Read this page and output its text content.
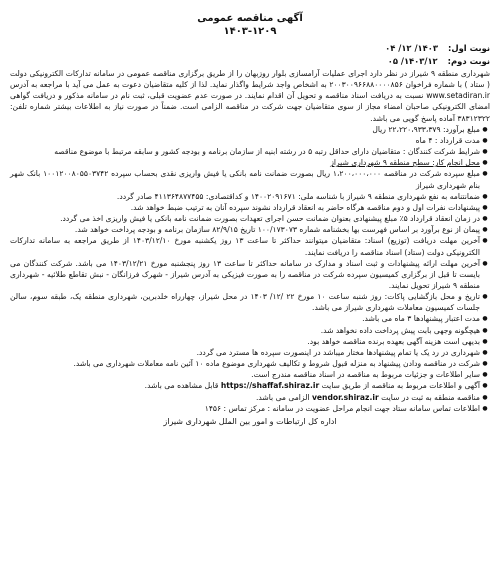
آگهی مناقصه عمومی
۱۴۰۳-۱۲۰۹
نوبت اول:
۱۴۰۳/ ۱۲/ ۰۴
نوبت دوم:
۱۴۰۳/۱۲/ ۰۵

شهرداری منطقه ۹ شیراز در نظر دارد اجرای عملیات آرامسازی بلوار روزبهان را از طریق برگزاری مناقصه عمومی در سامانه تدارکات الکترونیکی دولت ( ستاد ) با شماره فراخوان ۲۰۰۳۰۰۹۶۶۸۸۰۰۰۰۸۵۶ به اشخاص واجد شرایط واگذار نماید. لذا از کلیه متقاضیان دعوت به عمل می آید با مراجعه به آدرس www.setadiran.ir نسبت به دریافت اسناد مناقصه و تحویل آن اقدام نمایند. در صورت عدم عضویت قبلی، ثبت نام در سامانه مذکور و دریافت گواهی امضای الکترونیکی صاحبان امضاء مجاز از سوی متقاضیان جهت شرکت در مناقصه الزامی است. ضمناً در صورت نیاز به اطلاعات بیشتر شماره تلفن: ۳۸۳۱۲۳۲۲ آماده پاسخ گویی می باشد.

●
مبلغ برآورد: ۲۲،۲۲۰،۹۳۳،۳۷۹ ریال
●
مدت قرارداد : ۴ ماه
●
شرایط شرکت کنندگان : متقاضیان دارای حداقل رتبه ۵ در رشته ابنیه از سازمان برنامه و بودجه کشور و سابقه مرتبط با موضوع مناقصه
●
محل انجام کار: سطح منطقه ۹ شهرداری شیراز
●
مبلغ سپرده شرکت در مناقصه ۱،۲۰۰،۰۰۰،۰۰۰ ریال بصورت ضمانت نامه بانکی یا فیش واریزی نقدی بحساب سپرده ۱۰۰۱۲۰۰۸۰۵۵۰۳۷۴۲ بانک شهر بنام شهرداری شیراز
●
ضمانتنامه به نفع شهرداری منطقه ۹ شیراز با شناسه ملی: ۱۴۰۰۲۰۹۱۶۷۱ و کداقتصادی: ۴۱۱۳۶۴۸۷۷۴۵۵ صادر گردد.
●
پیشنهادات نفرات اول و دوم مناقصه هرگاه حاضر به انعقاد قرارداد نشوند سپرده آنان به ترتیب ضبط خواهد شد.
●
در زمان انعقاد قرارداد ۵٪ مبلغ پیشنهادی بعنوان ضمانت حسن اجرای تعهدات بصورت ضمانت نامه بانکی یا فیش واریزی اخذ می گردد.
●
پیمان از نوع برآورد بر اساس فهرست بها بخشنامه شماره ۱۰۰/۱۷۳۰۷۳ تاریخ ۸۲/۹/۱۵ سازمان برنامه و بودجه پرداخت خواهد شد.
●
آخرین مهلت دریافت (توزیع) اسناد: متقاضیان میتوانند حداکثر تا ساعت ۱۳ روز یکشنبه مورخ ۱۴۰۳/۱۲/۱۰ از طریق مراجعه به سامانه تدارکات الکترونیکی دولت (ستاد) اسناد مناقصه را دریافت نمایند.
●
آخرین مهلت ارائه پیشنهادات و ثبت اسناد و مدارک در سامانه حداکثر تا ساعت ۱۳ روز پنجشنبه مورخ ۱۴۰۳/۱۲/۲۱ می باشد. شرکت کنندگان می بایست تا قبل از برگزاری کمیسیون سپرده شرکت در مناقصه را به صورت فیزیکی به آدرس شیراز - شهرک فرزانگان - نبش تقاطع طلائیه - شهرداری منطقه ۹ شیراز تحویل نمایند.
●
تاریخ و محل بازگشایی پاکات: روز شنبه ساعت ۱۰ مورخ ۲۲ /۱۲/ ۱۴۰۳ در محل شیراز، چهارراه خلدبرین، شهرداری منطقه یک، طبقه سوم، سالن جلسات کمیسیون معاملات شهرداری شیراز می باشد.
●
مدت اعتبار پیشنهادها ۳ ماه می باشد.
●
هیچگونه وجهی بابت پیش پرداخت داده نخواهد شد.
●
بدیهی است هزینه آگهی بعهده برنده مناقصه خواهد بود.
●
شهرداری در رد یک یا تمام پیشنهادها مختار میباشد در اینصورت سپرده ها مسترد می گردد.
●
شرکت در مناقصه ودادن پیشنهاد به منزله قبول شروط و تکالیف شهرداری موضوع ماده ۱۰ آئین نامه معاملات شهرداری می باشد.
●
سایر اطلاعات و جزئیات مربوط به مناقصه در اسناد مناقصه مندرج است.
●
آگهی و اطلاعات مربوط به مناقصه از طریق سایت https://shaffaf.shiraz.ir قابل مشاهده می باشد.
●
مناقصه منطقه به ثبت در سایت vendor.shiraz.ir الزامی می باشد.
●
اطلاعات تماس سامانه ستاد جهت انجام مراحل عضویت در سامانه : مرکز تماس : ۱۴۵۶
اداره کل ارتباطات و امور بین الملل شهرداری شیراز
